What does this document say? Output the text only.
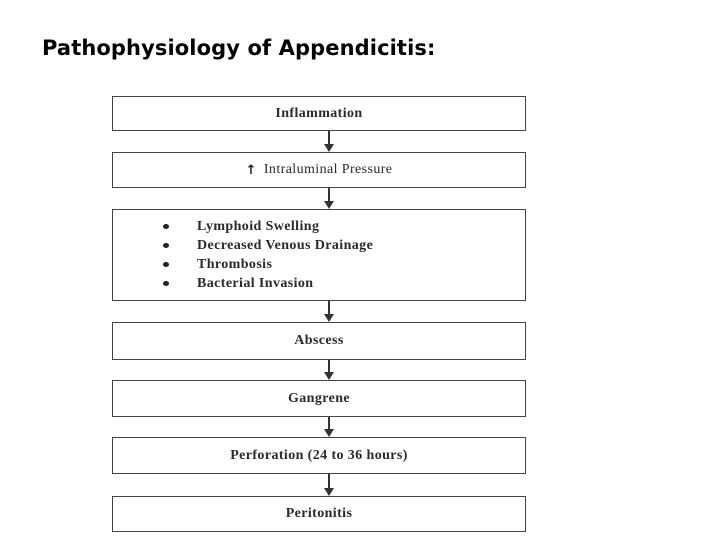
Pathophysiology of Appendicitis:
Inflammation
↑ Intraluminal Pressure
Lymphoid Swelling
Decreased Venous Drainage
Thrombosis
Bacterial Invasion
Abscess
Gangrene
Perforation (24 to 36 hours)
Peritonitis
